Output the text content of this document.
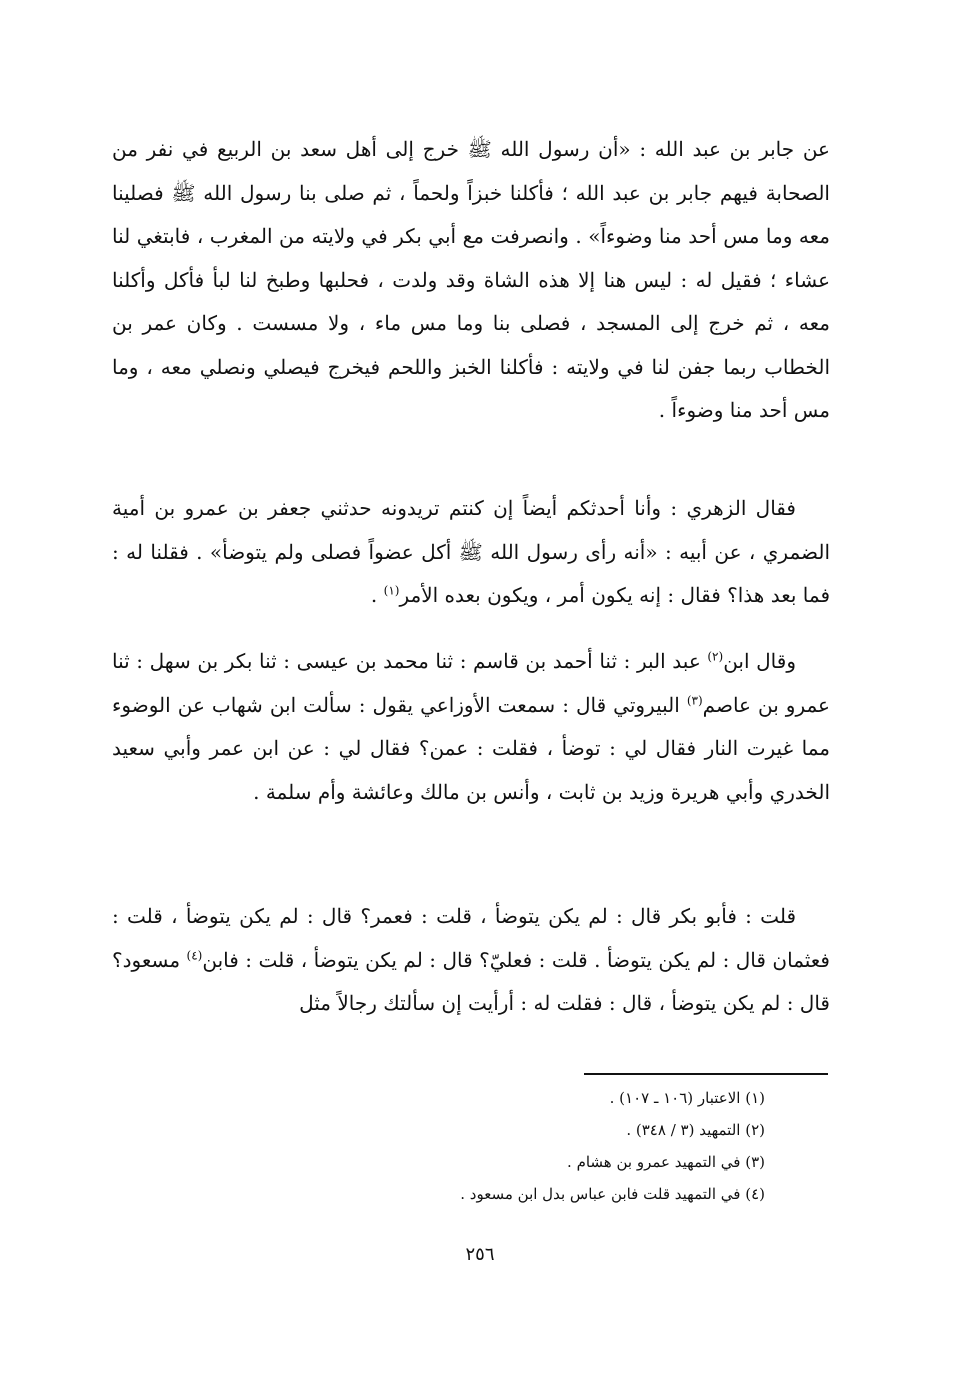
عن جابر بن عبد الله : «أن رسول الله ﷺ خرج إلى أهل سعد بن الربيع في نفر من الصحابة فيهم جابر بن عبد الله ؛ فأكلنا خبزاً ولحماً ، ثم صلى بنا رسول الله ﷺ فصلينا معه وما مس أحد منا وضوءاً» . وانصرفت مع أبي بكر في ولايته من المغرب ، فابتغي لنا عشاء ؛ فقيل له : ليس هنا إلا هذه الشاة وقد ولدت ، فحلبها وطبخ لنا لبأ فأكل وأكلنا معه ، ثم خرج إلى المسجد ، فصلى بنا وما مس ماء ، ولا مسست . وكان عمر بن الخطاب ربما جفن لنا في ولايته : فأكلنا الخبز واللحم فيخرج فيصلي ونصلي معه ، وما مس أحد منا وضوءاً .

فقال الزهري : وأنا أحدثكم أيضاً إن كنتم تريدونه حدثني جعفر بن عمرو بن أمية الضمري ، عن أبيه : «أنه رأى رسول الله ﷺ أكل عضواً فصلى ولم يتوضأ» . فقلنا له : فما بعد هذا؟ فقال : إنه يكون أمر ، ويكون بعده الأمر$^{(١)}$ .

وقال ابن$^{(٢)}$ عبد البر : ثنا أحمد بن قاسم : ثنا محمد بن عيسى : ثنا بكر بن سهل : ثنا عمرو بن عاصم$^{(٣)}$ البيروتي قال : سمعت الأوزاعي يقول : سألت ابن شهاب عن الوضوء مما غيرت النار فقال لي : توضأ ، فقلت : عمن؟ فقال لي : عن ابن عمر وأبي سعيد الخدري وأبي هريرة وزيد بن ثابت ، وأنس بن مالك وعائشة وأم سلمة .

قلت : فأبو بكر قال : لم يكن يتوضأ ، قلت : فعمر؟ قال : لم يكن يتوضأ ، قلت : فعثمان قال : لم يكن يتوضأ . قلت : فعليّ؟ قال : لم يكن يتوضأ ، قلت : فابن$^{(٤)}$ مسعود؟ قال : لم يكن يتوضأ ، قال : فقلت له : أرأيت إن سألتك رجالاً مثل

(١) الاعتبار (١٠٦ ـ ١٠٧) .
(٢) التمهيد (٣ / ٣٤٨) .
(٣) في التمهيد عمرو بن هشام .
(٤) في التمهيد قلت فابن عباس بدل ابن مسعود .
٢٥٦
